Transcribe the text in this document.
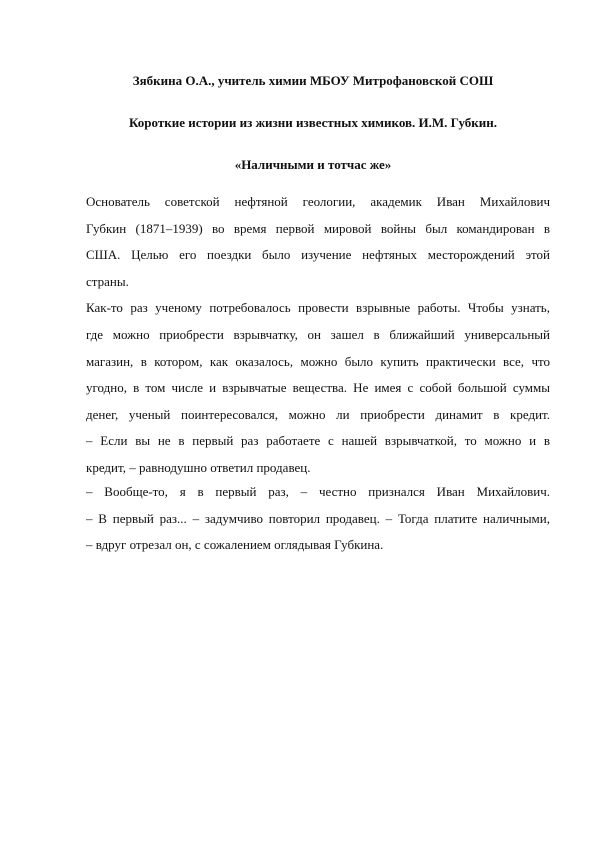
Зябкина О.А., учитель химии МБОУ Митрофановской СОШ
Короткие истории из жизни известных химиков. И.М. Губкин.
«Наличными и тотчас же»
Основатель советской нефтяной геологии, академик Иван Михайлович
Губкин (1871–1939) во время первой мировой войны был командирован в
США. Целью его поездки было изучение нефтяных месторождений этой
страны.
Как-то раз ученому потребовалось провести взрывные работы. Чтобы узнать,
где можно приобрести взрывчатку, он зашел в ближайший универсальный
магазин, в котором, как оказалось, можно было купить практически все, что
угодно, в том числе и взрывчатые вещества. Не имея с собой большой суммы
денег, ученый поинтересовался, можно ли приобрести динамит в кредит.
– Если вы не в первый раз работаете с нашей взрывчаткой, то можно и в
кредит, – равнодушно ответил продавец.
– Вообще-то, я в первый раз, – честно признался Иван Михайлович.
– В первый раз... – задумчиво повторил продавец. – Тогда платите наличными,
– вдруг отрезал он, с сожалением оглядывая Губкина.
